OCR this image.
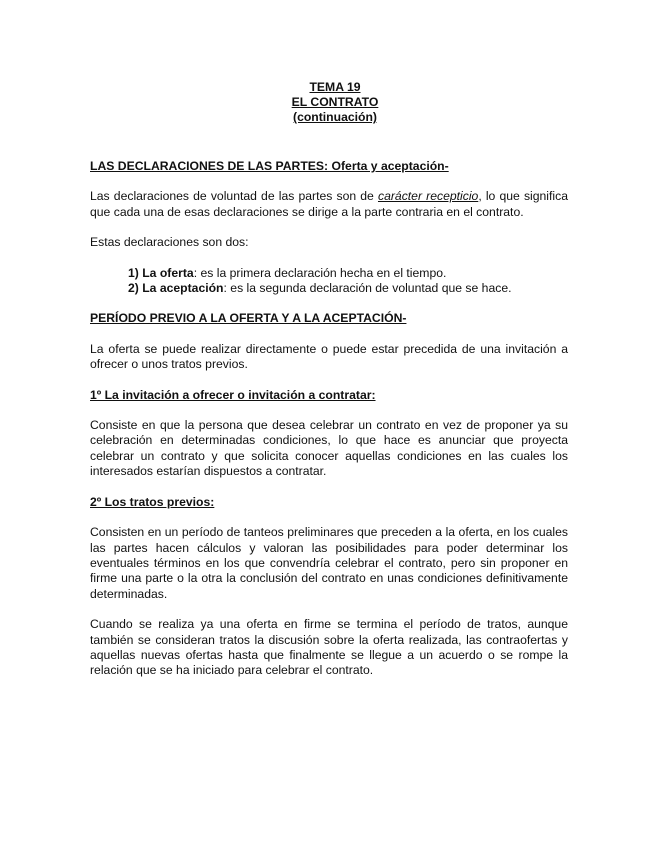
TEMA 19
EL CONTRATO
(continuación)
LAS DECLARACIONES DE LAS PARTES: Oferta y aceptación-

Las declaraciones de voluntad de las partes son de carácter recepticio, lo que significa que cada una de esas declaraciones se dirige a la parte contraria en el contrato.

Estas declaraciones son dos:

1) La oferta: es la primera declaración hecha en el tiempo.
2) La aceptación: es la segunda declaración de voluntad que se hace.
PERÍODO PREVIO A LA OFERTA Y A LA ACEPTACIÓN-

La oferta se puede realizar directamente o puede estar precedida de una invitación a ofrecer o unos tratos previos.

1º La invitación a ofrecer o invitación a contratar:

Consiste en que la persona que desea celebrar un contrato en vez de proponer ya su celebración en determinadas condiciones, lo que hace es anunciar que proyecta celebrar un contrato y que solicita conocer aquellas condiciones en las cuales los interesados estarían dispuestos a contratar.

2º Los tratos previos:

Consisten en un período de tanteos preliminares que preceden a la oferta, en los cuales las partes hacen cálculos y valoran las posibilidades para poder determinar los eventuales términos en los que convendría celebrar el contrato, pero sin proponer en firme una parte o la otra la conclusión del contrato en unas condiciones definitivamente determinadas.

Cuando se realiza ya una oferta en firme se termina el período de tratos, aunque también se consideran tratos la discusión sobre la oferta realizada, las contraofertas y aquellas nuevas ofertas hasta que finalmente se llegue a un acuerdo o se rompe la relación que se ha iniciado para celebrar el contrato.
